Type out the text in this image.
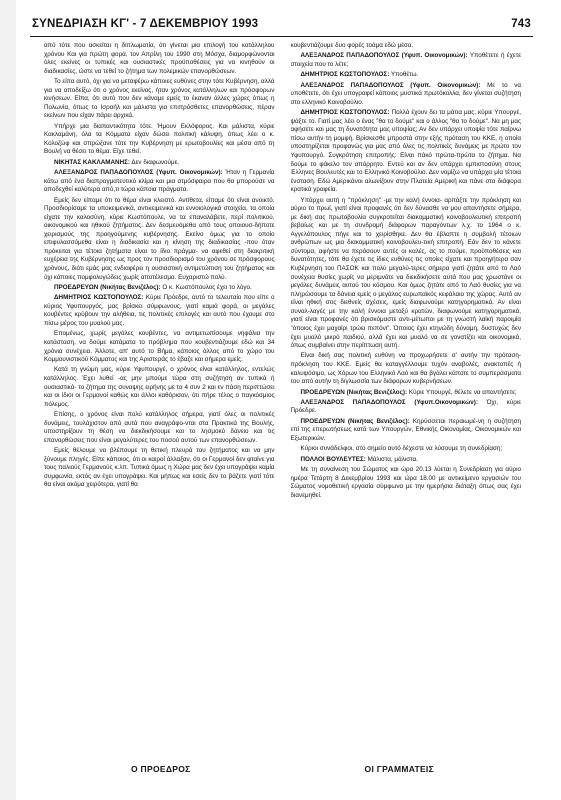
ΣΥΝΕΔΡΙΑΣΗ ΚΓ' - 7 ΔΕΚΕΜΒΡΙΟΥ 1993	743

από τότε που ασκείται η διπλωματία, ότι γίνεται μια επιλογή του κατάλληλου χρόνου Και για πρώτη φορά, τον Απρίλη του 1990 στη Μόσχα, διαμορφώνονται όλες εκείνες οι τυπικές και ουσιαστικές προϋποθέσεις για να κινηθούν οι διαδικασίες, ώστε να τεθεί το ζήτημα των πολεμικών επανορθώσεων.

Το είπα αυτό, όχι για να μεταφέρω κάποιες ευθύνες στην τότε Κυβέρνηση, αλλά για να αποδείξω ότι ο χρόνος εκείνος, ήταν χρόνος κατάλληλων και πρόσφορων κινήσεων. Είπα, ότι αυτό που δεν κάναμε εμείς το έκαναν άλλες χώρες όπως η Πολωνία, όπως το Ισραήλ και μάλιστα για επιπρόσθετες επανορθώσεις, πέραν εκείνων που είχαν πάρει αρχικά.

Υπήρχε μια διαπαντικότητα τότε. Ήμουν Εκλόφορος. Και μάλιστα, κύριε Κακλαμάνη, όλα τα Κόμματα είχαν δώσει πολιτική κάλυψη, όπως λέει ο κ. Κολοζώφ και σπρώξανε τότε την Κυβέρνηση με ερωτοβουλίες και μέσα από τη Βουλή να θέσει το θέμα. Είχε τεθεί.

ΝΙΚΗΤΑΣ ΚΑΚΛΑΜΑΝΗΣ: Δεν διαφωνούμε.

ΑΛΕΞΑΝΔΡΟΣ ΠΑΠΑΔΟΠΟΥΛΟΣ (Υφυπ. Οικονομικών): Ήταν η Γερμανία κάτω από ένα διαπραγματευτικό κλίμα και μια ατμόσφαιρα που θα μπορούσε να αποδεχθεί καλύτερα από,τι τώρα κάποια πράγματα.

Εμείς δεν είπαμε ότι το θέμα είναι κλειστό. Αντίθετα, είπαμε ότι είναι ανοικτό. Προσδιορίσαμε τα υποκειμενικά, αντικειμενικά και εννοιολογικά στοιχεία, τα οποία είχατε την καλοσύνη, κύριε Κωστόπουλε, να τα επαναλάβετε, περί πολιτικού, οικονομικού και ηθικού ζητήματος. Δεν δεσμευόμεθα από τους οποιουσ-δήποτε χειρισμούς της προηγούμενης κυβέρνησης. Εκείνο όμως για το οποίο επιφυλασσόμεθα είναι η διαδικασία και η κίνηση της διαδικασίας -που όταν πρόκειται για τέτοια ζητήματα είναι το ίδιο πράγμα- να αφεθεί στη διακριτική ευχέρεια της Κυβέρνησης ως προς τον προσδιορισμό του χρόνου σε πρόσφορους χρόνους, διότι εμάς μας ενδιαφέρει η ουσιαστική αντιμετώπιση του ζητήματος και όχι κάποιες πομφολυγώδεις χωρίς αποτέλεσμα. Ευχαριστώ πολύ.

ΠΡΟΕΔΡΕΥΩΝ (Νικήτας Βενιζέλος): Ο κ. Κωστόπουλος έχει το λόγο.

ΔΗΜΗΤΡΙΟΣ ΚΩΣΤΟΠΟΥΛΟΣ: Κύριε Πρόεδρε, αυτό το τελευταίο που είπε ο κύριος Υφυπουργός, μας βρίσκει σύμφωνους, γιατί καμιά φορά, οι μεγάλες κουβέντες κρύβουν την αλήθεια, τις πολιτικές επιλογές και αυτό που έχουμε στο πίσω μέρος του μυαλού μας.

Επομένως, χωρίς μεγάλες κουβέντες, να αντιμετωπίσουμε νηφάλια την κατάσταση, να δούμε κατάματα το πρόβλημα που κουβεντιάζουμε εδώ και 34 χρόνια συνέχεια. Άλλοτε, απ' αυτό το Βήμα, κάποιος άλλος από το χώρο του Κομμουνιστικού Κόμματος και της Αριστεράς το έβαζε και σήμερα εμείς.

Κατά τη γνώμη μας, κύριε Υφυπουργέ, ο χρόνος είναι κατάλληλος, εντελώς κατάλληλος. Έχει λυθεί -ας μην μπούμε τώρα στη συζήτηση αν τυπικά ή ουσιαστικά- το ζήτημα της συναψης ειρήνης με τα 4 συν 2 και εν πάση περιπτώσει και οι ίδιοι οι Γερμανοί καθώς και άλλοι καθόρισαν, ότι πήρε τέλος ο παγκόσμιος πόλεμος.

Επίσης, ο χρόνος είναι πολύ κατάλληλος σήμερα, γιατί όλες οι πολιτικές δυνάμεις, τουλάχιστον από αυτά που αναγράφο-νται στα Πρακτικά της Βουλής, υποστηρίζουν τη θέση να διεκδικήσουμε και το λησμοκό δάνειο και τις επανορθώσεις που είναι μεγαλύτερες του ποσού αυτού των επανορθώσεων.

Εμείς θέλουμε να βλέπουμε τη θετική πλευρά του ζητήματος και να μην ξύνουμε πληγές. Είπε κάποιος, ότι οι καιροί άλλαξαν, ότι οι Γερμανοί δεν φταίνε για τους παλιούς Γερμανούς κ.λπ. Τυπικά όμως η Χώρα μας δεν έχει υπογράψει καμία συμφωνία, εκτός αν έχει υπογράψει. Και μήπως και εσείς δεν το βάζετε γιατί τότε θα είναι ακόμα χειρότερα, γιατί θα

κουβεντιάζουμε δυο φορές τοάμα εδώ μέσα.

ΑΛΕΞΑΝΔΡΟΣ ΠΑΠΑΔΟΠΟΥΛΟΣ (Υφυπ. Οικονομικών): Υποθέτετε ή έχετε στοιχεία που το λέτε;

ΔΗΜΗΤΡΙΟΣ ΚΩΣΤΟΠΟΥΛΟΣ: Υποθέτω.

ΑΛΕΞΑΝΔΡΟΣ ΠΑΠΑΔΟΠΟΥΛΟΣ (Υφυπ. Οικονομικών): Με το να υποθέτετε, ότι έχει υπογραφεί κάποιος μυστικά πρωτόκολλα, δεν γίνεται συζήτηση στο ελληνικό Κοινοβούλιο.

ΔΗΜΗΤΡΙΟΣ ΚΩΣΤΟΠΟΥΛΟΣ: Πολλά έχουν δει τα μάτια μας, κύριε Υπουργέ, ψάξτε το. Γιατί μας λέει ο ένας "θα το δούμε" και ο άλλος "θα το δούμε". Να μη μας αφήσετε και μας τη δυνατότητα μας υποψίας; Αν δεν υπάρχει υποψία τότε παίρνω πίσω αυτήν τη μομφή. Βρίσκεσθε μπροστά στην εξής πρόταση του ΚΚΕ, η οποία υποστηρίζεται προφανώς για μας από όλες τις πολιτικές δυνάμεις με πρώτο τον Υφυπουργό. Συγκρότηση επιτροπής: Είναι πάκό πρώτα-πρώτα το ζήτημα. Να δούμε το φάκελο τον απόρρητο. Εντεύ και αν δεν υπάρχει εμπιστοσύνη στους Έλληνες Βουλευτές και το Ελληνικό Κοινοβούλιο. Δεν νομίζω να υπάρχει μία τέτοια ένσταση. Εδώ Αμερικάνοι αλωνίζουν στην Πλατεία Αμερική και πάνε στα διάφορα κρατικά γραφεία.

Υπάρχει αυτή η "πρόκληση" -με την καλή έννοια- αρπάξτε την πρόκληση και αύριο το πρωί, γιατί είναι προφανές ότι δεν δύνασθε να μου απαντήσετε σήμερα, με δική σας πρωτοβουλία συγκροτείται διακομματική κοινοβουλευτική επιτροπή βεβαίως και με τη συνδρομή διάφορων παραγόντων λ.χ. το 1964 ο κ. Αγγελόπουλος πήγε και το χειρίσθηκε. Δεν θα έβλαπτε η συμβολή τέτοιων ανθρώπων ως μια διακομματική κοινοβουλευ-τική επιτροπή. Εάν δεν το κάνετε σύντομα, αφήστε να περάσουν αυτές οι καλές, ας το πούμε, προϋποθέσεις και δυνατότητες, τότε θα έχετε τις ίδιες ευθύνες τις οποίες είχατε και προηγήτερα σαν Κυβέρνηση του ΠΑΣΟΚ και πολύ μεγαλύ-τερες σήμερα γιατί ζητάτε από το Λαό συνέχεια θυσίες χωρίς να μεριμνάτε να διεκδικήσετε αυτά που μας χρωστάνε οι μεγάλες δυνάμεις αυτού του κόσμου. Και όμως ζητάτε από το Λαό θυσίες για να πληρώσουμε τα δάνεια εμείς ο μεγάλος ευρωπαϊκός κεφάλαιο της χώρας. Αυτό αν είναι ηθική στις διεθνείς σχέσεις, εμείς διαφωνούμε κατηγορηματικά. Αν είναι συναλ-λαγές με την καλή έννοια μεταξύ κρατών, διαφωνούμε κατηγορηματικά, γιατί είναι προφανές ότι βρισκόμαστε αντι-μέτωποι με τη γνωστή λαϊκή παροιμία "όποιος έχει μαχαίρι τρώει πεπόνι". Όποιος έχει κτηνώδη δύναμη, δυστυχώς δεν έχει μυαλό μικρό παιδιού, αλλά έχει και μυαλό να σε γονατίζει και οικονομικά, όπως συμβαίνει στην περίπτωση αυτή.

Είναι δική σας πολιτική ευθύνη να προχωρήσετε σ' αυτήν την πρόταση-πρόκληση του ΚΚΕ. Εμείς θα καταγγέλλουμε τυχόν αναβολές, ανακτοπές ή καλυψόσιμο, ως Χόρων του Ελληνικό Λαό και θα βγάλει κάποτε το συμπεράσματα του από αυτήν τη διγλωσσία των διάφορων κυβερνήσεων.

ΠΡΟΕΔΡΕΥΩΝ (Νικήτας Βενιζέλος): Κύριε Υπουργέ, θέλετε να απαντήσετε;

ΑΛΕΞΑΝΔΡΟΣ ΠΑΠΑΔΟΠΟΥΛΟΣ (Υφυπ.Οικονομικών): Όχι, κύριε Πρόεδρε.

ΠΡΟΕΔΡΕΥΩΝ (Νικήτας Βενιζέλος): Κηρύσσεται περαιωμέ-νη η συζήτηση επί της επερωτήσεως κατά των Υπουργών, Εθνικής Οικονομίας, Οικονομικών και Εξωτερικών.

Κύριοι συνάδελφοι, στο σημείο αυτό δέχεστε να λύσουμε τη συνεδρίαση;

ΠΟΛΛΟΙ ΒΟΥΛΕΥΤΕΣ: Μάλιστα, μάλιστα.

Με τη συναίνεση του Σώματος και ώρα 20.13 λύεται η Συνεδρίαση για αύριο ημέρα Τετάρτη 8 Δεκεμβρίου 1993 και ώρα 18.00 με αντικείμενο εργασιών του Σώματος νομοθετική εργασία σύμφωνα με την ημερήσια διάταξη όπως σας έχει διανεμηθεί.

Ο ΠΡΟΕΔΡΟΣ	ΟΙ ΓΡΑΜΜΑΤΕΙΣ
